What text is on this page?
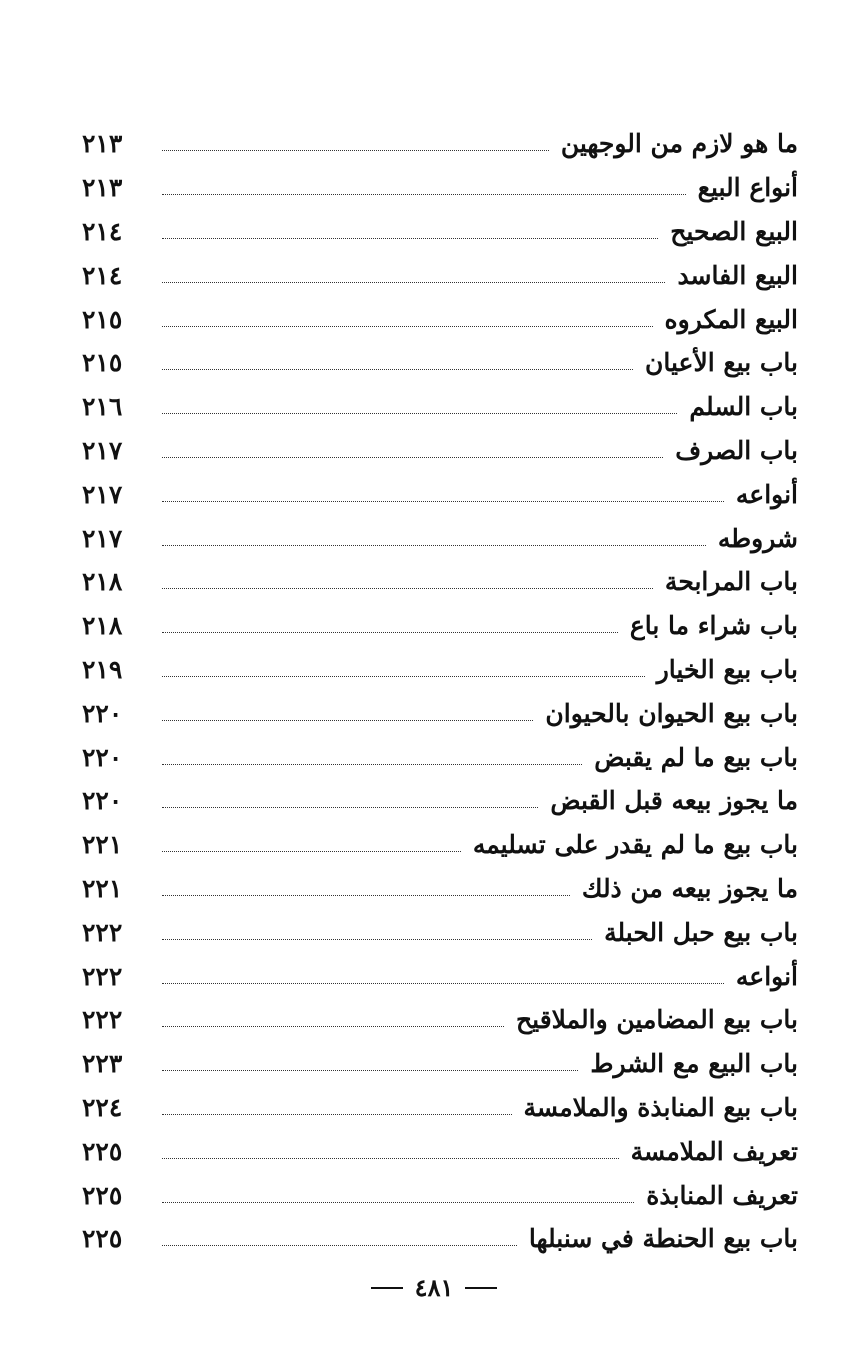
ما هو لازم من الوجهين
٢١٣
أنواع البيع
٢١٣
البيع الصحيح
٢١٤
البيع الفاسد
٢١٤
البيع المكروه
٢١٥
باب بيع الأعيان
٢١٥
باب السلم
٢١٦
باب الصرف
٢١٧
أنواعه
٢١٧
شروطه
٢١٧
باب المرابحة
٢١٨
باب شراء ما باع
٢١٨
باب بيع الخيار
٢١٩
باب بيع الحيوان بالحيوان
٢٢٠
باب بيع ما لم يقبض
٢٢٠
ما يجوز بيعه قبل القبض
٢٢٠
باب بيع ما لم يقدر على تسليمه
٢٢١
ما يجوز بيعه من ذلك
٢٢١
باب بيع حبل الحبلة
٢٢٢
أنواعه
٢٢٢
باب بيع المضامين والملاقيح
٢٢٢
باب البيع مع الشرط
٢٢٣
باب بيع المنابذة والملامسة
٢٢٤
تعريف الملامسة
٢٢٥
تعريف المنابذة
٢٢٥
باب بيع الحنطة في سنبلها
٢٢٥
٤٨١
